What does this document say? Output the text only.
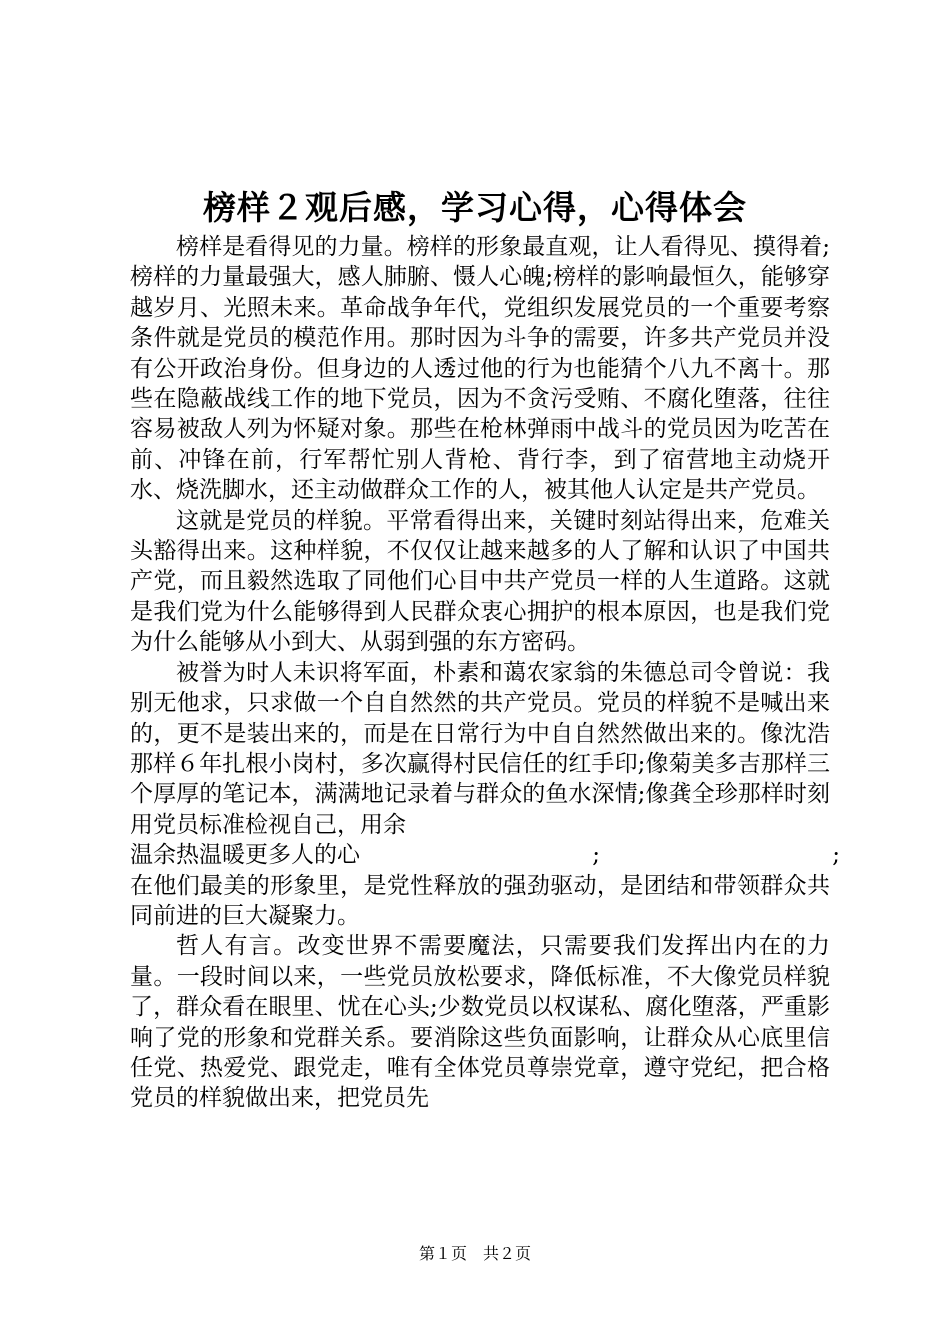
榜样２观后感，学习心得，心得体会

榜样是看得见的力量。榜样的形象最直观，让人看得见、摸得着;榜样的力量最强大，感人肺腑、慑人心魄;榜样的影响最恒久，能够穿越岁月、光照未来。革命战争年代，党组织发展党员的一个重要考察条件就是党员的模范作用。那时因为斗争的需要，许多共产党员并没有公开政治身份。但身边的人透过他的行为也能猜个八九不离十。那些在隐蔽战线工作的地下党员，因为不贪污受贿、不腐化堕落，往往容易被敌人列为怀疑对象。那些在枪林弹雨中战斗的党员因为吃苦在前、冲锋在前，行军帮忙别人背枪、背行李，到了宿营地主动烧开水、烧洗脚水，还主动做群众工作的人，被其他人认定是共产党员。

这就是党员的样貌。平常看得出来，关键时刻站得出来，危难关头豁得出来。这种样貌，不仅仅让越来越多的人了解和认识了中国共产党，而且毅然选取了同他们心目中共产党员一样的人生道路。这就是我们党为什么能够得到人民群众衷心拥护的根本原因，也是我们党为什么能够从小到大、从弱到强的东方密码。

被誉为时人未识将军面，朴素和蔼农家翁的朱德总司令曾说：我别无他求，只求做一个自自然然的共产党员。党员的样貌不是喊出来的，更不是装出来的，而是在日常行为中自自然然做出来的。像沈浩那样６年扎根小岗村，多次赢得村民信任的红手印;像菊美多吉那样三个厚厚的笔记本，满满地记录着与群众的鱼水深情;像龚全珍那样时刻用党员标准检视自己，用余

温余热温暖更多人的心	;	;

在他们最美的形象里，是党性释放的强劲驱动，是团结和带领群众共同前进的巨大凝聚力。

哲人有言。改变世界不需要魔法，只需要我们发挥出内在的力量。一段时间以来，一些党员放松要求，降低标准，不大像党员样貌了，群众看在眼里、忧在心头;少数党员以权谋私、腐化堕落，严重影响了党的形象和党群关系。要消除这些负面影响，让群众从心底里信任党、热爱党、跟党走，唯有全体党员尊崇党章，遵守党纪，把合格党员的样貌做出来，把党员先

第１页　共２页
